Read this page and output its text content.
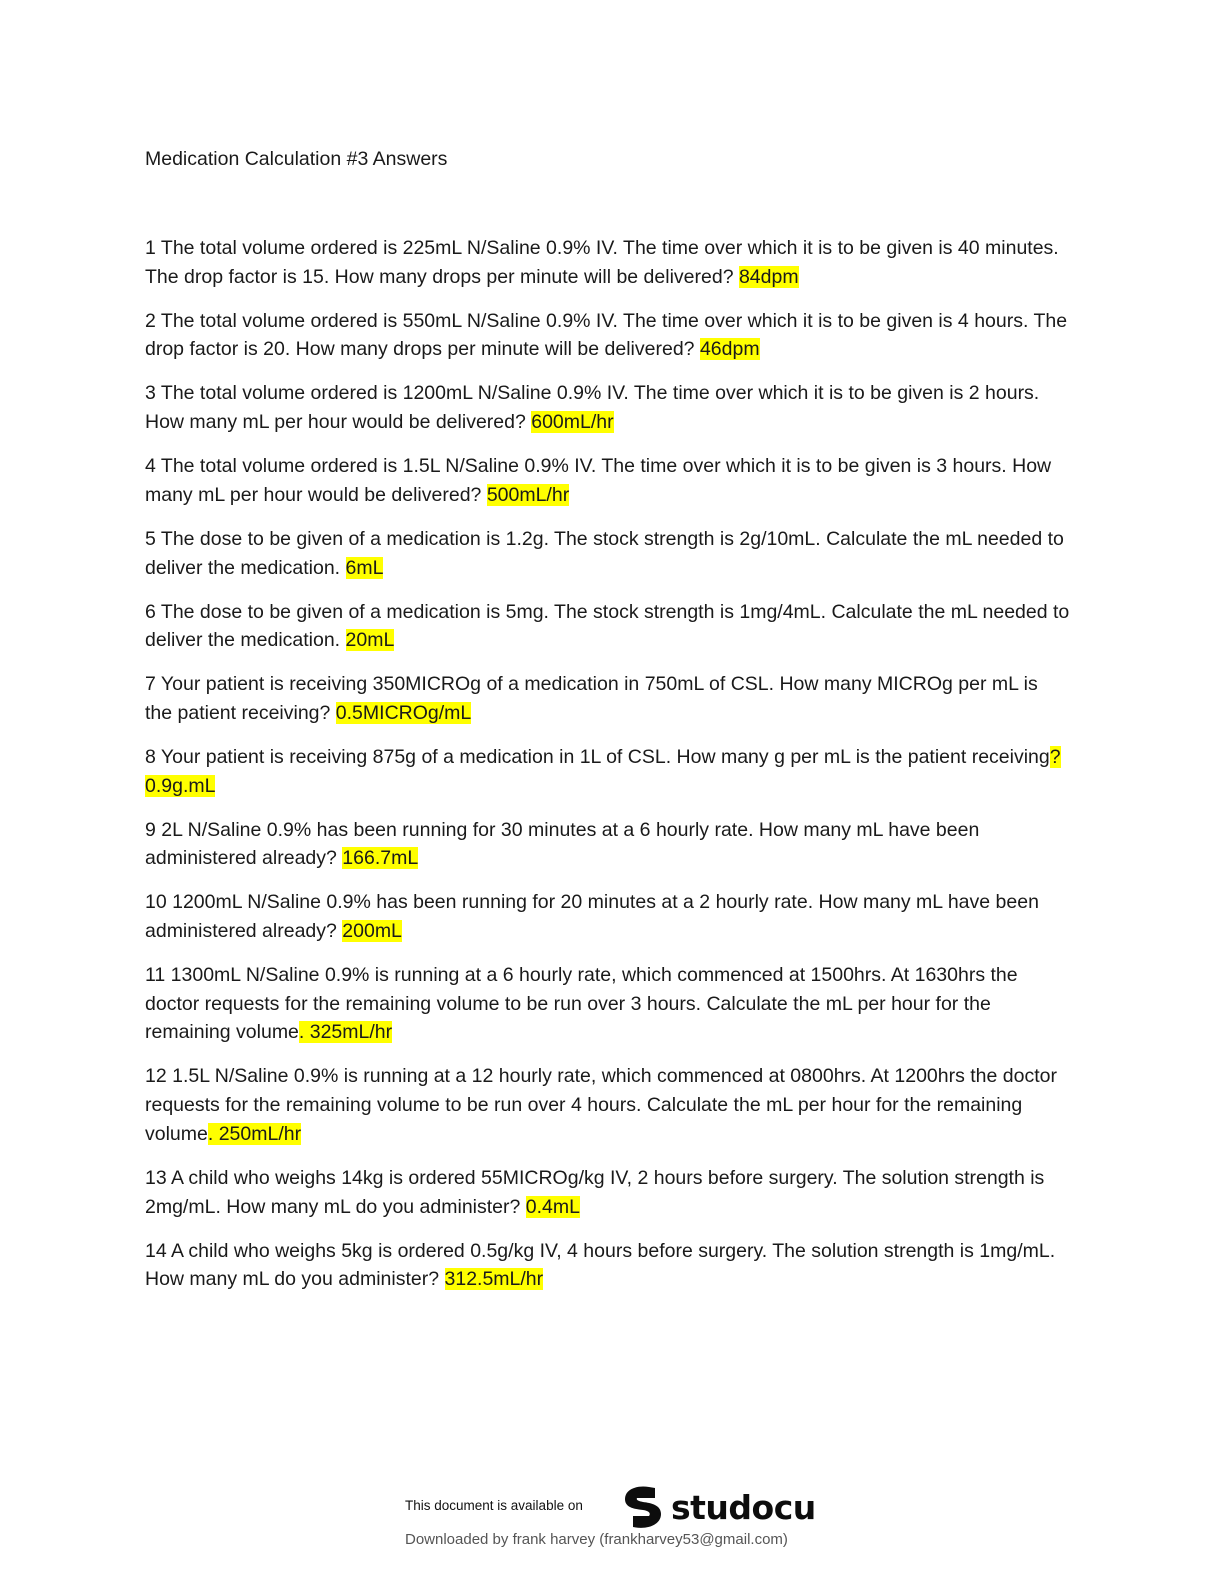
Medication Calculation #3 Answers
1 The total volume ordered is 225mL N/Saline 0.9% IV. The time over which it is to be given is 40 minutes. The drop factor is 15. How many drops per minute will be delivered? 84dpm
2 The total volume ordered is 550mL N/Saline 0.9% IV. The time over which it is to be given is 4 hours. The drop factor is 20. How many drops per minute will be delivered? 46dpm
3 The total volume ordered is 1200mL N/Saline 0.9% IV. The time over which it is to be given is 2 hours. How many mL per hour would be delivered? 600mL/hr
4 The total volume ordered is 1.5L N/Saline 0.9% IV. The time over which it is to be given is 3 hours. How many mL per hour would be delivered? 500mL/hr
5 The dose to be given of a medication is 1.2g. The stock strength is 2g/10mL. Calculate the mL needed to deliver the medication. 6mL
6 The dose to be given of a medication is 5mg. The stock strength is 1mg/4mL. Calculate the mL needed to deliver the medication. 20mL
7 Your patient is receiving 350MICROg of a medication in 750mL of CSL. How many MICROg per mL is the patient receiving? 0.5MICROg/mL
8 Your patient is receiving 875g of a medication in 1L of CSL. How many g per mL is the patient receiving? 0.9g.mL
9 2L N/Saline 0.9% has been running for 30 minutes at a 6 hourly rate. How many mL have been administered already? 166.7mL
10 1200mL N/Saline 0.9% has been running for 20 minutes at a 2 hourly rate. How many mL have been administered already? 200mL
11 1300mL N/Saline 0.9% is running at a 6 hourly rate, which commenced at 1500hrs. At 1630hrs the doctor requests for the remaining volume to be run over 3 hours. Calculate the mL per hour for the remaining volume. 325mL/hr
12 1.5L N/Saline 0.9% is running at a 12 hourly rate, which commenced at 0800hrs. At 1200hrs the doctor requests for the remaining volume to be run over 4 hours. Calculate the mL per hour for the remaining volume. 250mL/hr
13 A child who weighs 14kg is ordered 55MICROg/kg IV, 2 hours before surgery. The solution strength is 2mg/mL. How many mL do you administer? 0.4mL
14 A child who weighs 5kg is ordered 0.5g/kg IV, 4 hours before surgery. The solution strength is 1mg/mL. How many mL do you administer? 312.5mL/hr
This document is available on	studocu
Downloaded by frank harvey (frankharvey53@gmail.com)
